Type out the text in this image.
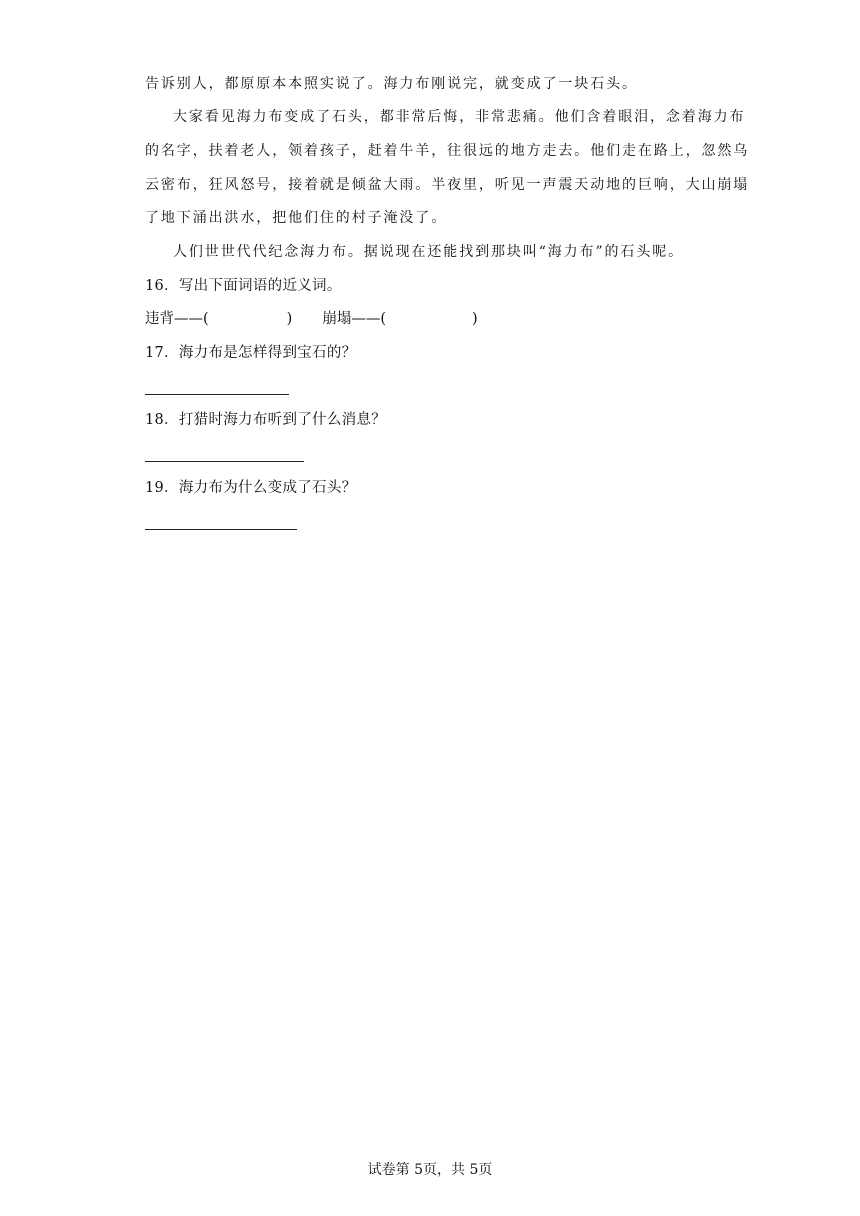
告诉别人，都原原本本照实说了。海力布刚说完，就变成了一块石头。
大家看见海力布变成了石头，都非常后悔，非常悲痛。他们含着眼泪，念着海力布
的名字，扶着老人，领着孩子，赶着牛羊，往很远的地方走去。他们走在路上，忽然乌
云密布，狂风怒号，接着就是倾盆大雨。半夜里，听见一声震天动地的巨响，大山崩塌
了地下涌出洪水，把他们住的村子淹没了。
人们世世代代纪念海力布。据说现在还能找到那块叫“海力布”的石头呢。
16．写出下面词语的近义词。
违背——(	) 崩塌——(	)
17．海力布是怎样得到宝石的？
18．打猎时海力布听到了什么消息？
19．海力布为什么变成了石头？
试卷第 5页，共 5页
